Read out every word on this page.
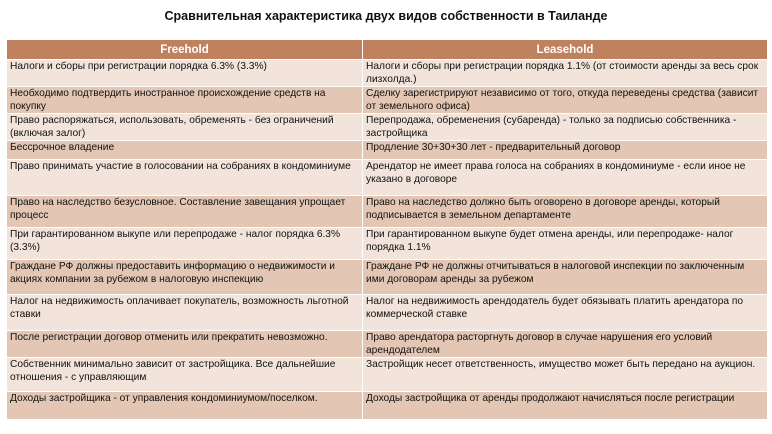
Сравнительная характеристика двух видов собственности в Таиланде
Freehold	Leasehold
Налоги и сборы при регистрации порядка 6.3% (3.3%)	Налоги и сборы при регистрации порядка 1.1% (от стоимости аренды за весь срок лизхолда.)
Необходимо подтвердить иностранное происхождение средств на покупку	Сделку зарегистрируют независимо от того, откуда переведены средства (зависит от земельного офиса)
Право распоряжаться, использовать, обременять - без ограничений (включая залог)	Перепродажа, обременения (субаренда) - только за подписью собственника - застройщика
Бессрочное владение	Продление 30+30+30 лет - предварительный договор
Право принимать участие в голосовании на собраниях в кондоминиуме	Арендатор не имеет права голоса на собраниях в кондоминиуме - если иное не указано в договоре
Право на наследство безусловное. Составление завещания упрощает процесс	Право на наследство должно быть оговорено в договоре аренды, который подписывается в земельном департаменте
При гарантированном выкупе или перепродаже - налог порядка 6.3% (3.3%)	При гарантированном выкупе будет отмена аренды, или перепродаже- налог порядка 1.1%
Граждане РФ должны предоставить информацию о недвижимости и акциях компании за рубежом в налоговую инспекцию	Граждане РФ не должны отчитываться в налоговой инспекции по заключенным ими договорам аренды за рубежом
Налог на недвижимость оплачивает покупатель, возможность льготной ставки	Налог на недвижимость арендодатель будет обязывать платить арендатора по коммерческой ставке
После регистрации договор отменить или прекратить невозможно.	Право арендатора расторгнуть договор в случае нарушения его условий арендодателем
Собственник минимально зависит от застройщика. Все дальнейшие отношения - с управляющим	Застройщик несет ответственность, имущество может быть передано на аукцион.
Доходы застройщика - от управления кондоминиумом/поселком.	Доходы застройщика от аренды продолжают начисляться после регистрации
